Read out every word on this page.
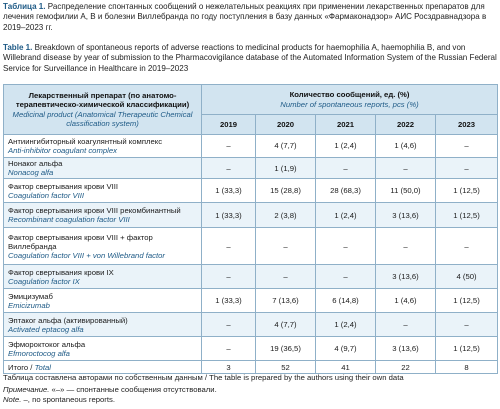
Таблица 1. Распределение спонтанных сообщений о нежелательных реакциях при применении лекарственных препаратов для лечения гемофилии А, В и болезни Виллебранда по году поступления в базу данных «Фармаконадзор» АИС Росздравнадзора в 2019–2023 гг.
Table 1. Breakdown of spontaneous reports of adverse reactions to medicinal products for haemophilia A, haemophilia B, and von Willebrand disease by year of submission to the Pharmacovigilance database of the Automated Information System of the Russian Federal Service for Surveillance in Healthcare in 2019–2023
Лекарственный препарат (по анатомо-терапевтическо-химической классификации)
Medicinal product (Anatomical Therapeutic Chemical classification system)	Количество сообщений, ед. (%)
Number of spontaneous reports, pcs (%)				

	2019	2020	2021	2022	2023
Антиингибиторный коагулянтный комплекс
Anti-inhibitor coagulant complex	–	4 (7,7)	1 (2,4)	1 (4,6)	–
Нонаког альфа
Nonacog alfa	–	1 (1,9)	–	–	–
Фактор свертывания крови VIII
Coagulation factor VIII	1 (33,3)	15 (28,8)	28 (68,3)	11 (50,0)	1 (12,5)
Фактор свертывания крови VIII рекомбинантный
Recombinant coagulation factor VIII	1 (33,3)	2 (3,8)	1 (2,4)	3 (13,6)	1 (12,5)
Фактор свертывания крови VIII + фактор Виллебранда
Coagulation factor VIII + von Willebrand factor	–	–	–	–	–
Фактор свертывания крови IX
Coagulation factor IX	–	–	–	3 (13,6)	4 (50)
Эмицизумаб
Emicizumab	1 (33,3)	7 (13,6)	6 (14,8)	1 (4,6)	1 (12,5)
Эптаког альфа (активированный)
Activated eptacog alfa	–	4 (7,7)	1 (2,4)	–	–
Эфмороктоког альфа
Efmoroctocog alfa	–	19 (36,5)	4 (9,7)	3 (13,6)	1 (12,5)
Итого / Total	3	52	41	22	8
Таблица составлена авторами по собственным данным / The table is prepared by the authors using their own data
Примечание. «–» — спонтанные сообщения отсутствовали.
Note. –, no spontaneous reports.
